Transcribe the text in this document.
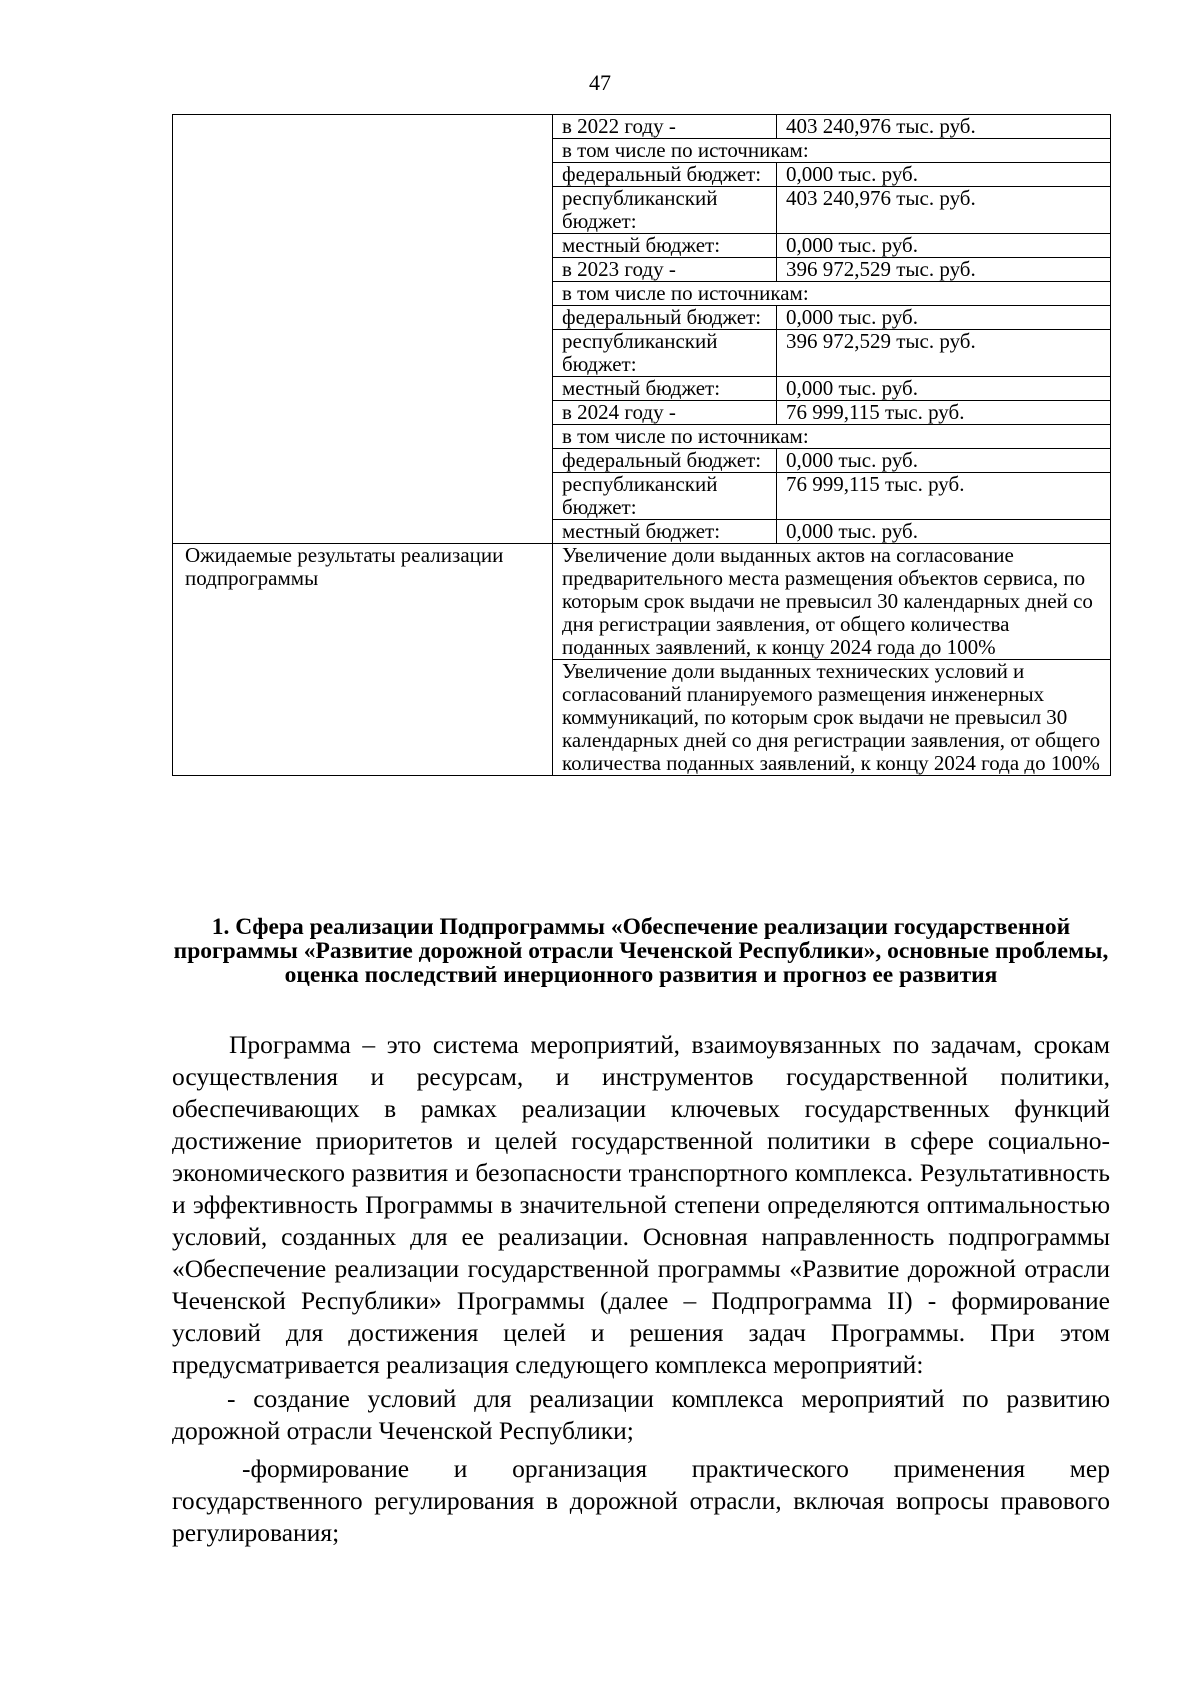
47
	в 2022 году -	403 240,976 тыс. руб.
	в том числе по источникам:	
	федеральный бюджет:	0,000 тыс. руб.
	республиканский бюджет:	403 240,976 тыс. руб.
	местный бюджет:	0,000 тыс. руб.
	в 2023 году -	396 972,529 тыс. руб.
	в том числе по источникам:	
	федеральный бюджет:	0,000 тыс. руб.
	республиканский бюджет:	396 972,529 тыс. руб.
	местный бюджет:	0,000 тыс. руб.
	в 2024 году -	76 999,115 тыс. руб.
	в том числе по источникам:	
	федеральный бюджет:	0,000 тыс. руб.
	республиканский бюджет:	76 999,115 тыс. руб.
	местный бюджет:	0,000 тыс. руб.
Ожидаемые результаты реализации подпрограммы	Увеличение доли выданных актов на согласование предварительного места размещения объектов сервиса, по которым срок выдачи не превысил 30 календарных дней со дня регистрации заявления, от общего количества поданных заявлений, к концу 2024 года до 100%	
	Увеличение доли выданных технических условий и согласований планируемого размещения инженерных коммуникаций, по которым срок выдачи не превысил 30 календарных дней со дня регистрации заявления, от общего количества поданных заявлений, к концу 2024 года до 100%	
1. Сфера реализации Подпрограммы «Обеспечение реализации государственной программы «Развитие дорожной отрасли Чеченской Республики», основные проблемы, оценка последствий инерционного развития и прогноз ее развития

Программа – это система мероприятий, взаимоувязанных по задачам, срокам осуществления и ресурсам, и инструментов государственной политики, обеспечивающих в рамках реализации ключевых государственных функций достижение приоритетов и целей государственной политики в сфере социально-экономического развития и безопасности транспортного комплекса. Результативность и эффективность Программы в значительной степени определяются оптимальностью условий, созданных для ее реализации. Основная направленность подпрограммы «Обеспечение реализации государственной программы «Развитие дорожной отрасли Чеченской Республики» Программы (далее – Подпрограмма II) - формирование условий для достижения целей и решения задач Программы. При этом предусматривается реализация следующего комплекса мероприятий:

- создание условий для реализации комплекса мероприятий по развитию дорожной отрасли Чеченской Республики;

-формирование и организация практического применения мер государственного регулирования в дорожной отрасли, включая вопросы правового регулирования;
